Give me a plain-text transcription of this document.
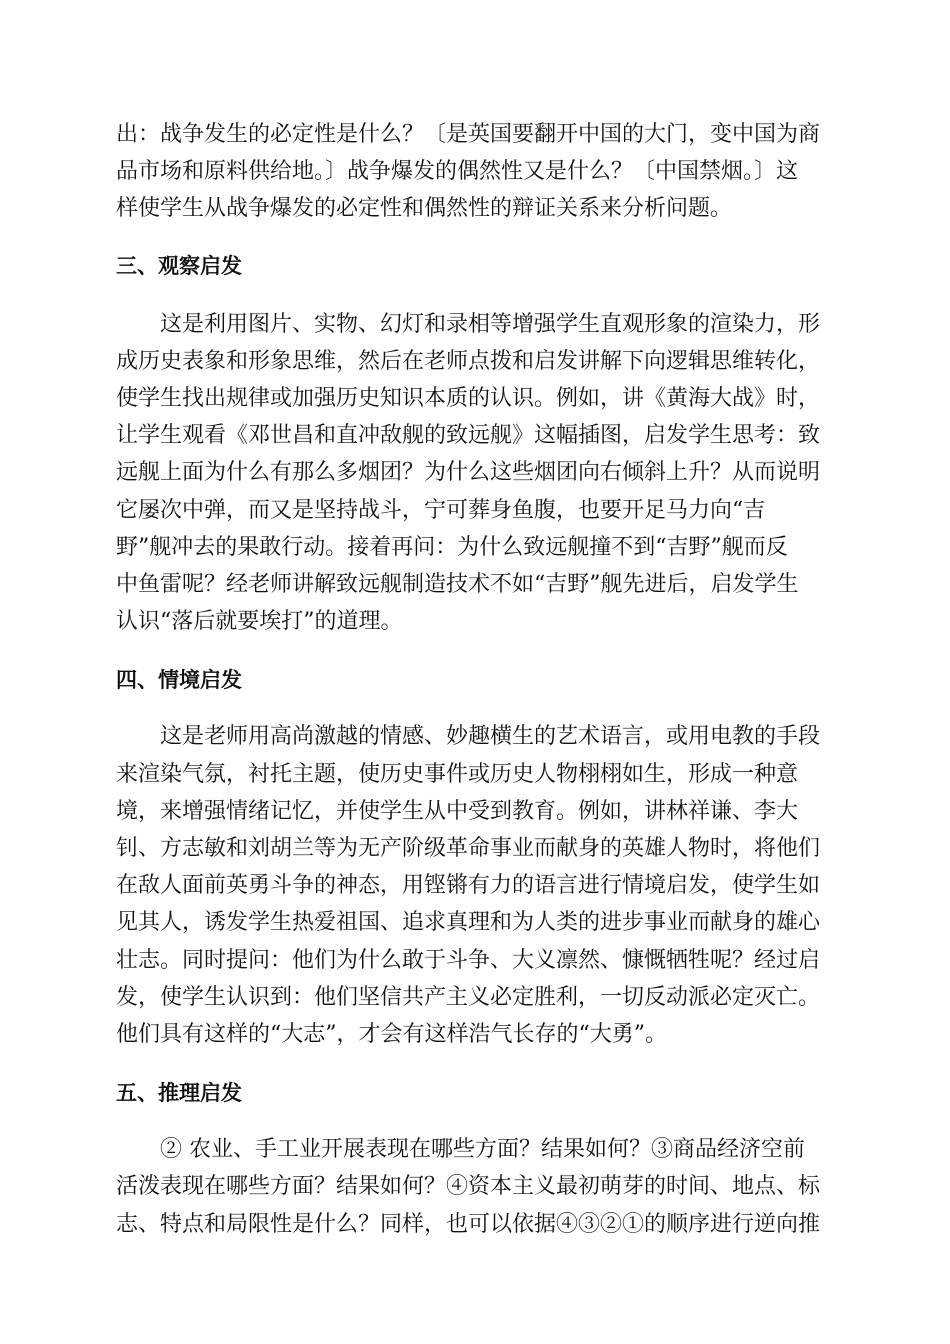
出：战争发生的必定性是什么？〔是英国要翻开中国的大门，变中国为商
品市场和原料供给地。〕战争爆发的偶然性又是什么？〔中国禁烟。〕这
样使学生从战争爆发的必定性和偶然性的辩证关系来分析问题。
三、观察启发
　　这是利用图片、实物、幻灯和录相等增强学生直观形象的渲染力，形
成历史表象和形象思维，然后在老师点拨和启发讲解下向逻辑思维转化，
使学生找出规律或加强历史知识本质的认识。例如，讲《黄海大战》时，
让学生观看《邓世昌和直冲敌舰的致远舰》这幅插图，启发学生思考：致
远舰上面为什么有那么多烟团？为什么这些烟团向右倾斜上升？从而说明
它屡次中弹，而又是坚持战斗，宁可葬身鱼腹，也要开足马力向“吉
野”舰冲去的果敢行动。接着再问：为什么致远舰撞不到“吉野”舰而反
中鱼雷呢？经老师讲解致远舰制造技术不如“吉野”舰先进后，启发学生
认识“落后就要埃打”的道理。
四、情境启发
　　这是老师用高尚激越的情感、妙趣横生的艺术语言，或用电教的手段
来渲染气氛，衬托主题，使历史事件或历史人物栩栩如生，形成一种意
境，来增强情绪记忆，并使学生从中受到教育。例如，讲林祥谦、李大
钊、方志敏和刘胡兰等为无产阶级革命事业而献身的英雄人物时，将他们
在敌人面前英勇斗争的神态，用铿锵有力的语言进行情境启发，使学生如
见其人，诱发学生热爱祖国、追求真理和为人类的进步事业而献身的雄心
壮志。同时提问：他们为什么敢于斗争、大义凛然、慷慨牺牲呢？经过启
发，使学生认识到：他们坚信共产主义必定胜利，一切反动派必定灭亡。
他们具有这样的“大志”，才会有这样浩气长存的“大勇”。
五、推理启发
　　② 农业、手工业开展表现在哪些方面？结果如何？③商品经济空前
活泼表现在哪些方面？结果如何？④资本主义最初萌芽的时间、地点、标
志、特点和局限性是什么？同样，也可以依据④③②①的顺序进行逆向推
